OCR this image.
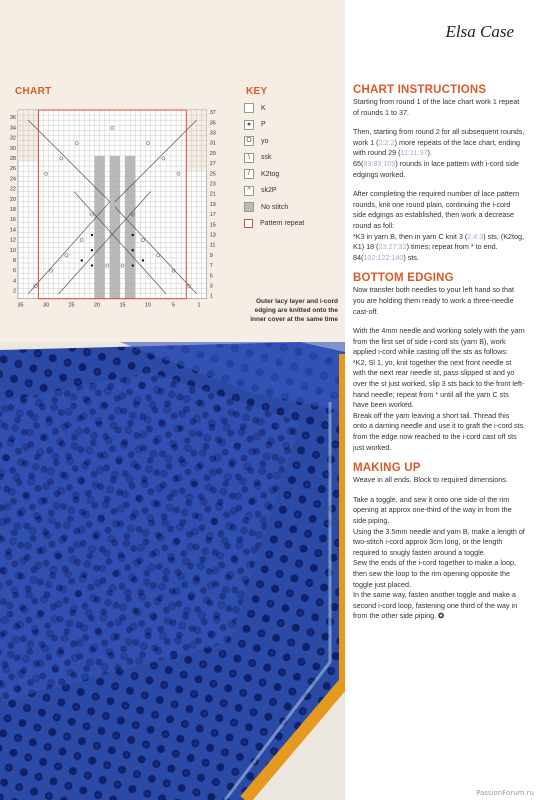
Elsa Case
CHART
37
35
33
31
29
27
25
23
21
19
17
15
13
11
9
7
5
3
1
36
34
32
30
28
26
24
22
20
18
16
14
12
10
8
6
4
2
35	30	25	20	15	10	5	1
KEY
K
●	P
O	yo
\	ssk
/	K2tog
^	sk2P
No stitch
Pattern repeat

Outer lacy layer and i-cord edging are knitted onto the inner cover at the same time

CHART INSTRUCTIONS

Starting from round 1 of the lace chart work 1 repeat of rounds 1 to 37.

Then, starting from round 2 for all subsequent rounds, work 1 (2:2:2) more repeats of the lace chart, ending with round 29 (11:11:37).
65(83:83:109) rounds in lace pattern with i-cord side edgings worked.

After completing the required number of lace pattern rounds, knit one round plain, continuing the i-cord side edgings as established, then work a decrease round as foll:
*K3 in yarn B, then in yarn C knit 3 (2:4:3) sts, (K2tog, K1) 18 (23:27:32) times; repeat from * to end. 84(102:122:140) sts.

BOTTOM EDGING

Now transfer both needles to your left hand so that you are holding them ready to work a three-needle cast-off.

With the 4mm needle and working solely with the yarn from the first set of side i-cord sts (yarn B), work applied i-cord while casting off the sts as follows:
*K2, Sl 1, yo, knit together the next front needle st with the next rear needle st, pass slipped st and yo over the st just worked, slip 3 sts back to the front left-hand needle; repeat from * until all the yarn C sts have been worked.
Break off the yarn leaving a short tail. Thread this onto a darning needle and use it to graft the i-cord sts from the edge now reached to the i-cord cast off sts just worked.

MAKING UP

Weave in all ends. Block to required dimensions.

Take a toggle, and sew it onto one side of the rim opening at approx one-third of the way in from the side piping.
Using the 3.5mm needle and yarn B, make a length of two-stitch i-cord approx 3cm long, or the length required to snugly fasten around a toggle.
Sew the ends of the i-cord together to make a loop, then sew the loop to the rim opening opposite the toggle just placed.
In the same way, fasten another toggle and make a second i-cord loop, fastening one third of the way in from the other side piping. ✪

PassionForum.ru
